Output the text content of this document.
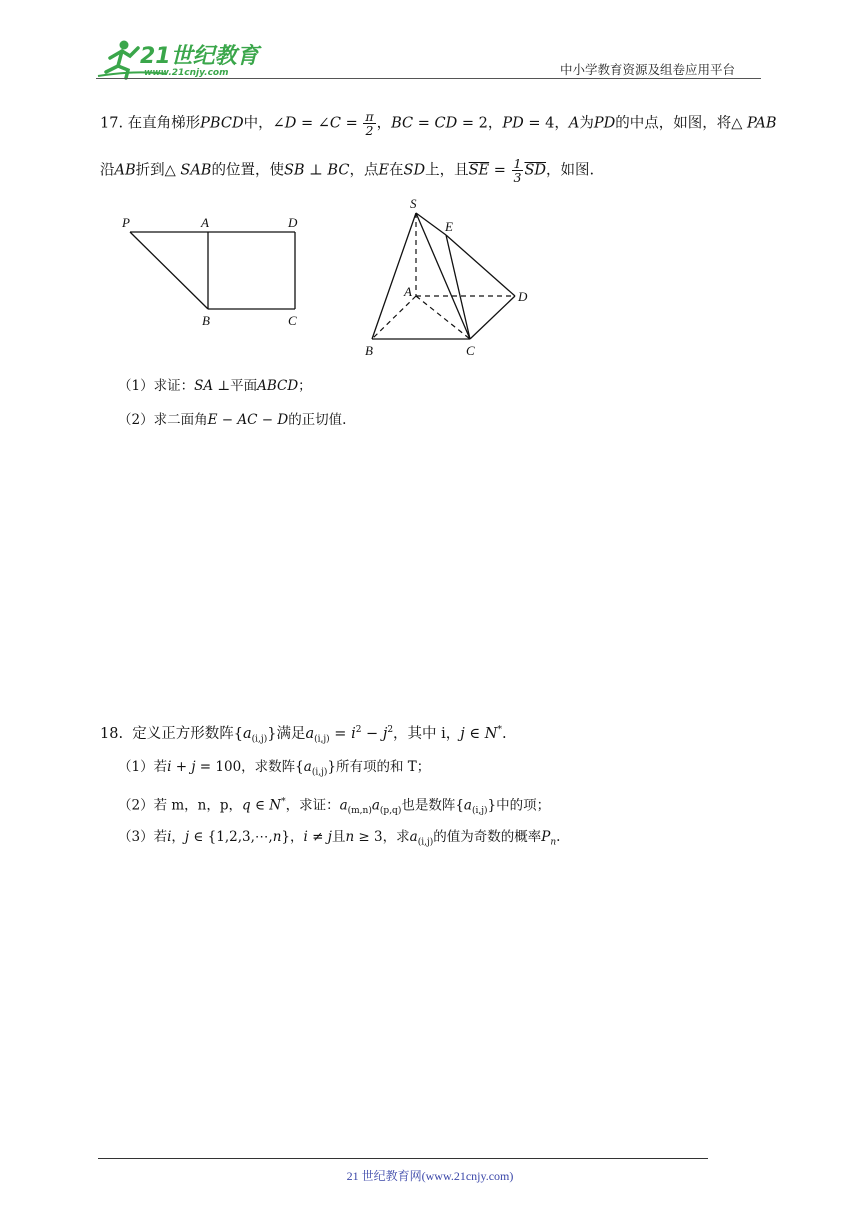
21世纪教育
www.21cnjy.com	中小学教育资源及组卷应用平台
17. 在直角梯形PBCD中，∠D = ∠C = $\frac{\pi}{2}$ ，BC = CD = 2，PD = 4，A为PD的中点，如图，将△ PAB
沿AB折到△ SAB的位置，使SB ⊥ BC，点E在SD上，且$\overline{SE} = \frac{1}{3} \overline{SD}$，如图.
P	A	D
B	C
S
E
A	D
B	C
（1）求证：SA ⊥平面ABCD；
（2）求二面角E − AC − D的正切值.
18.  定义正方形数阵$\{a_{(i,j)}\}$满足$a_{(i,j)} = i^2 - j^2$，其中 i，j ∈ N*.
（1）若i + j = 100，求数阵$\{a_{(i,j)}\}$所有项的和 T；
（2）若 m，n，p，q ∈ N*，求证：$a_{(m,n)}a_{(p,q)}$也是数阵$\{a_{(i,j)}\}$中的项；
（3）若i，j ∈ {1,2,3,⋯,n}，i ≠ j且n ≥ 3，求$a_{(i,j)}$的值为奇数的概率$P_n$.
21 世纪教育网(www.21cnjy.com)
